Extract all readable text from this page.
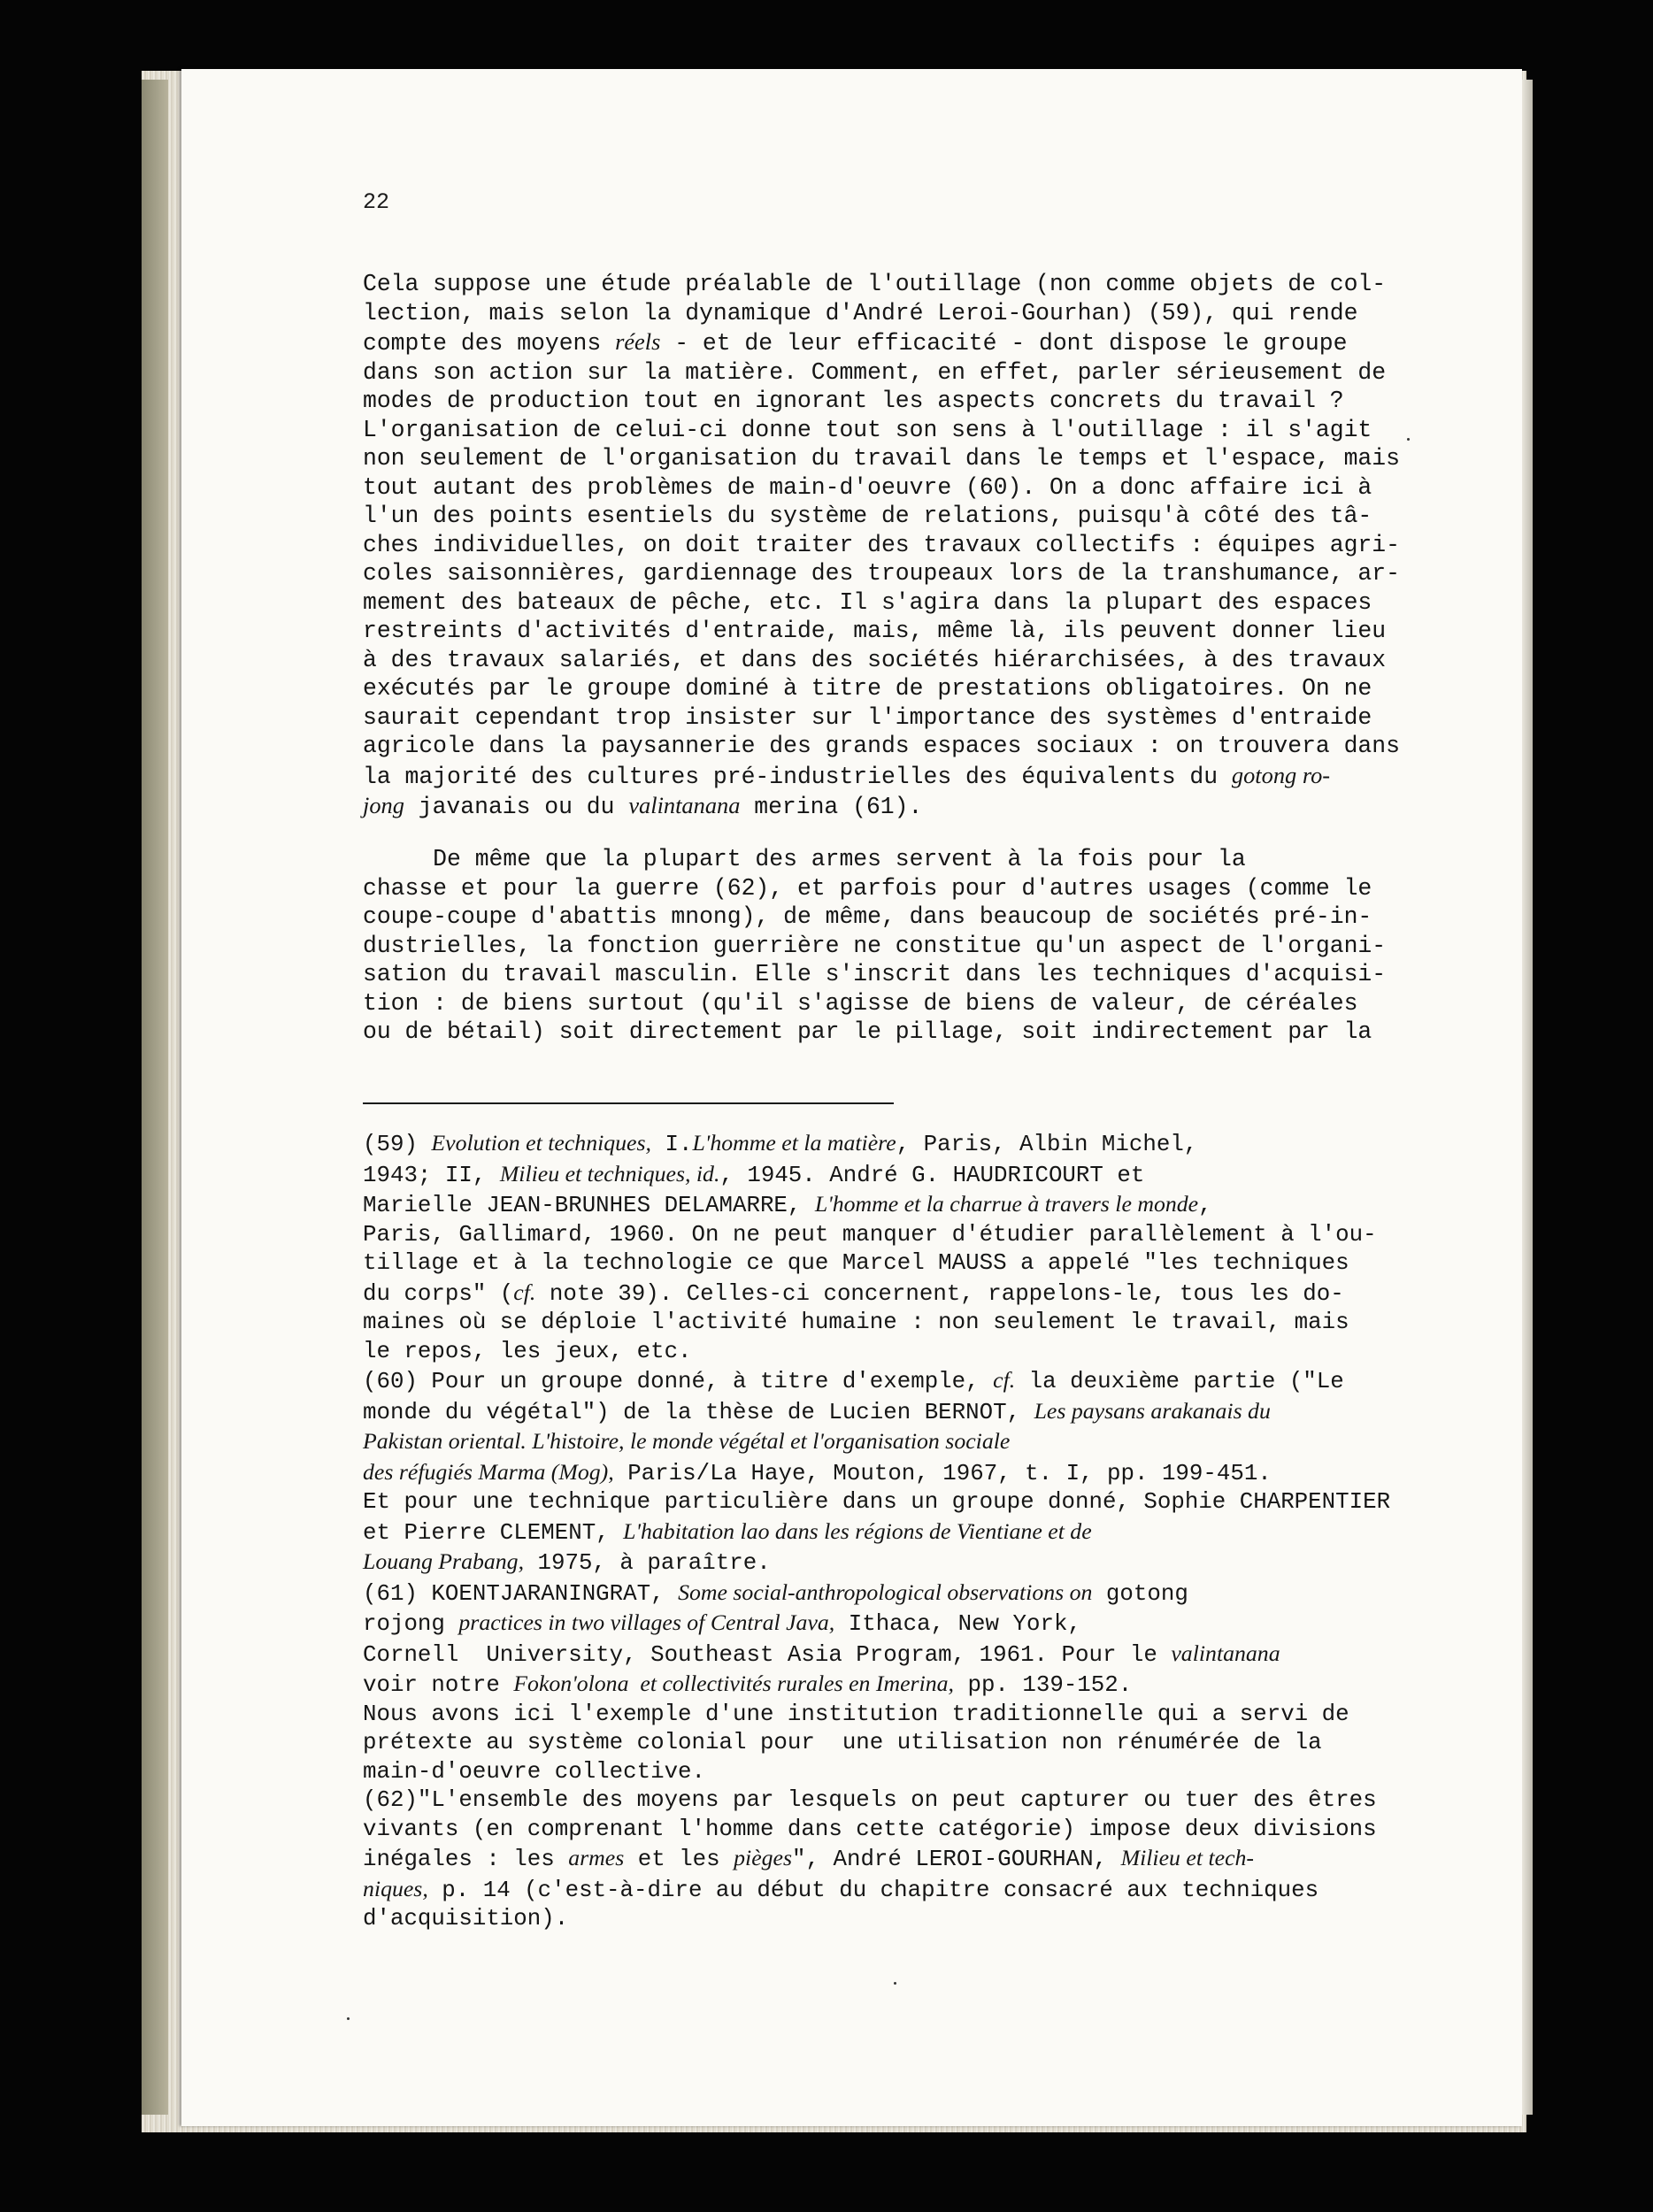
22
Cela suppose une étude préalable de l'outillage (non comme objets de col-
lection, mais selon la dynamique d'André Leroi-Gourhan) (59), qui rende
compte des moyens réels - et de leur efficacité - dont dispose le groupe
dans son action sur la matière. Comment, en effet, parler sérieusement de
modes de production tout en ignorant les aspects concrets du travail ?
L'organisation de celui-ci donne tout son sens à l'outillage : il s'agit
non seulement de l'organisation du travail dans le temps et l'espace, mais
tout autant des problèmes de main-d'oeuvre (60). On a donc affaire ici à
l'un des points esentiels du système de relations, puisqu'à côté des tâ-
ches individuelles, on doit traiter des travaux collectifs : équipes agri-
coles saisonnières, gardiennage des troupeaux lors de la transhumance, ar-
mement des bateaux de pêche, etc. Il s'agira dans la plupart des espaces
restreints d'activités d'entraide, mais, même là, ils peuvent donner lieu
à des travaux salariés, et dans des sociétés hiérarchisées, à des travaux
exécutés par le groupe dominé à titre de prestations obligatoires. On ne
saurait cependant trop insister sur l'importance des systèmes d'entraide
agricole dans la paysannerie des grands espaces sociaux : on trouvera dans
la majorité des cultures pré-industrielles des équivalents du gotong ro-
jong javanais ou du valintanana merina (61).
De même que la plupart des armes servent à la fois pour la
chasse et pour la guerre (62), et parfois pour d'autres usages (comme le
coupe-coupe d'abattis mnong), de même, dans beaucoup de sociétés pré-in-
dustrielles, la fonction guerrière ne constitue qu'un aspect de l'organi-
sation du travail masculin. Elle s'inscrit dans les techniques d'acquisi-
tion : de biens surtout (qu'il s'agisse de biens de valeur, de céréales
ou de bétail) soit directement par le pillage, soit indirectement par la
(59) Evolution et techniques, I.L'homme et la matière, Paris, Albin Michel,
1943; II, Milieu et techniques, id., 1945. André G. HAUDRICOURT et
Marielle JEAN-BRUNHES DELAMARRE, L'homme et la charrue à travers le monde,
Paris, Gallimard, 1960. On ne peut manquer d'étudier parallèlement à l'ou-
tillage et à la technologie ce que Marcel MAUSS a appelé "les techniques
du corps" (cf. note 39). Celles-ci concernent, rappelons-le, tous les do-
maines où se déploie l'activité humaine : non seulement le travail, mais
le repos, les jeux, etc.
(60) Pour un groupe donné, à titre d'exemple, cf. la deuxième partie ("Le
monde du végétal") de la thèse de Lucien BERNOT, Les paysans arakanais du
Pakistan oriental. L'histoire, le monde végétal et l'organisation sociale
des réfugiés Marma (Mog), Paris/La Haye, Mouton, 1967, t. I, pp. 199-451.
Et pour une technique particulière dans un groupe donné, Sophie CHARPENTIER
et Pierre CLEMENT, L'habitation lao dans les régions de Vientiane et de
Louang Prabang, 1975, à paraître.
(61) KOENTJARANINGRAT, Some social-anthropological observations on gotong
rojong practices in two villages of Central Java, Ithaca, New York,
Cornell  University, Southeast Asia Program, 1961. Pour le valintanana
voir notre Fokon'olona  et collectivités rurales en Imerina, pp. 139-152.
Nous avons ici l'exemple d'une institution traditionnelle qui a servi de
prétexte au système colonial pour  une utilisation non rénumérée de la
main-d'oeuvre collective.
(62)"L'ensemble des moyens par lesquels on peut capturer ou tuer des êtres
vivants (en comprenant l'homme dans cette catégorie) impose deux divisions
inégales : les armes et les pièges", André LEROI-GOURHAN, Milieu et tech-
niques, p. 14 (c'est-à-dire au début du chapitre consacré aux techniques
d'acquisition).
